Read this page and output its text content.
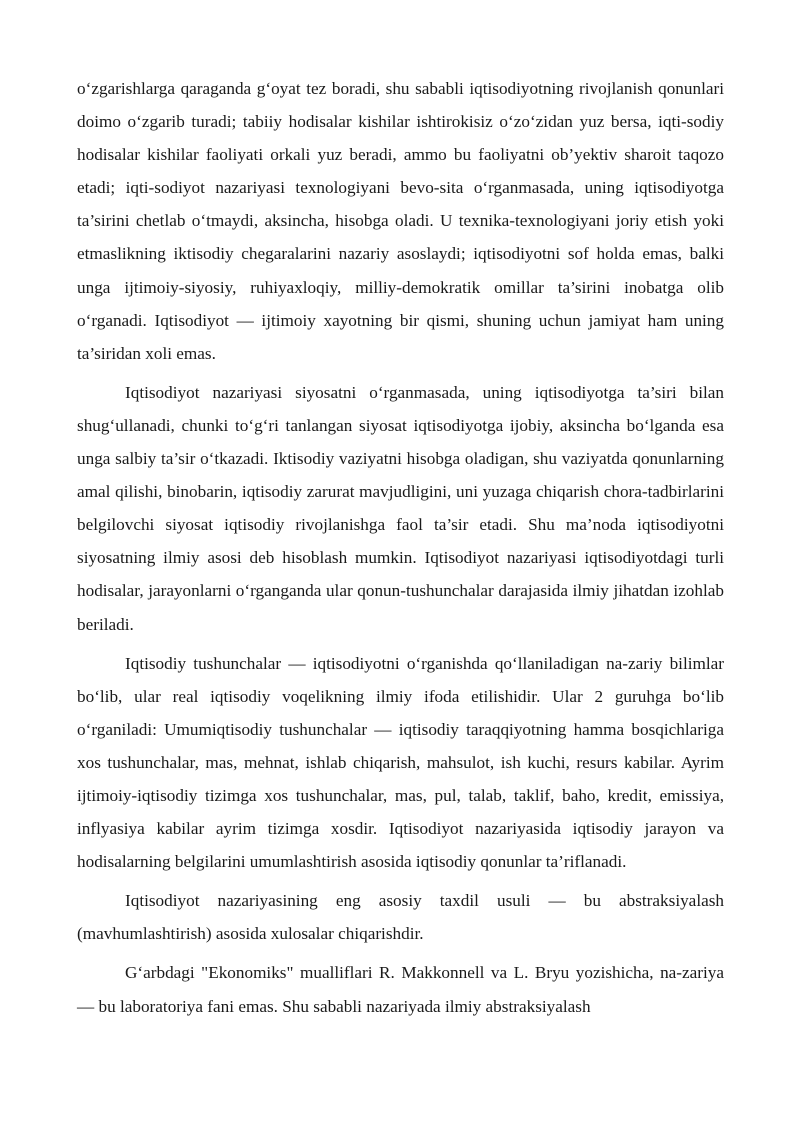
o‘zgarishlarga qaraganda g‘oyat tez boradi, shu sababli iqtisodiyotning rivojlanish qonunlari doimo o‘zgarib turadi; tabiiy hodisalar kishilar ishtirokisiz o‘zo‘zidan yuz bersa, iqti-sodiy hodisalar kishilar faoliyati orkali yuz beradi, ammo bu faoliyatni ob’yektiv sharoit taqozo etadi; iqti-sodiyot nazariyasi texnologiyani bevo-sita o‘rganmasada, uning iqtisodiyotga ta’sirini chetlab o‘tmaydi, aksincha, hisobga oladi. U texnika-texnologiyani joriy etish yoki etmaslikning iktisodiy chegaralarini nazariy asoslaydi; iqtisodiyotni sof holda emas, balki unga ijtimoiy-siyosiy, ruhiyaxloqiy, milliy-demokratik omillar ta’sirini inobatga olib o‘rganadi. Iqtisodiyot — ijtimoiy xayotning bir qismi, shuning uchun jamiyat ham uning ta’siridan xoli emas.

Iqtisodiyot nazariyasi siyosatni o‘rganmasada, uning iqtisodiyotga ta’siri bilan shug‘ullanadi, chunki to‘g‘ri tanlangan siyosat iqtisodiyotga ijobiy, aksincha bo‘lganda esa unga salbiy ta’sir o‘tkazadi. Iktisodiy vaziyatni hisobga oladigan, shu vaziyatda qonunlarning amal qilishi, binobarin, iqtisodiy zarurat mavjudligini, uni yuzaga chiqarish chora-tadbirlarini belgilovchi siyosat iqtisodiy rivojlanishga faol ta’sir etadi. Shu ma’noda iqtisodiyotni siyosatning ilmiy asosi deb hisoblash mumkin. Iqtisodiyot nazariyasi iqtisodiyotdagi turli hodisalar, jarayonlarni o‘rganganda ular qonun-tushunchalar darajasida ilmiy jihatdan izohlab beriladi.

Iqtisodiy tushunchalar — iqtisodiyotni o‘rganishda qo‘llaniladigan na-zariy bilimlar bo‘lib, ular real iqtisodiy voqelikning ilmiy ifoda etilishidir. Ular 2 guruhga bo‘lib o‘rganiladi: Umumiqtisodiy tushunchalar — iqtisodiy taraqqiyotning hamma bosqichlariga xos tushunchalar, mas, mehnat, ishlab chiqarish, mahsulot, ish kuchi, resurs kabilar. Ayrim ijtimoiy-iqtisodiy tizimga xos tushunchalar, mas, pul, talab, taklif, baho, kredit, emissiya, inflyasiya kabilar ayrim tizimga xosdir. Iqtisodiyot nazariyasida iqtisodiy jarayon va hodisalarning belgilarini umumlashtirish asosida iqtisodiy qonunlar ta’riflanadi.

Iqtisodiyot nazariyasining eng asosiy taxdil usuli — bu abstraksiyalash (mavhumlashtirish) asosida xulosalar chiqarishdir.

G‘arbdagi "Ekonomiks" mualliflari R. Makkonnell va L. Bryu yozishicha, na-zariya — bu laboratoriya fani emas. Shu sababli nazariyada ilmiy abstraksiyalash
